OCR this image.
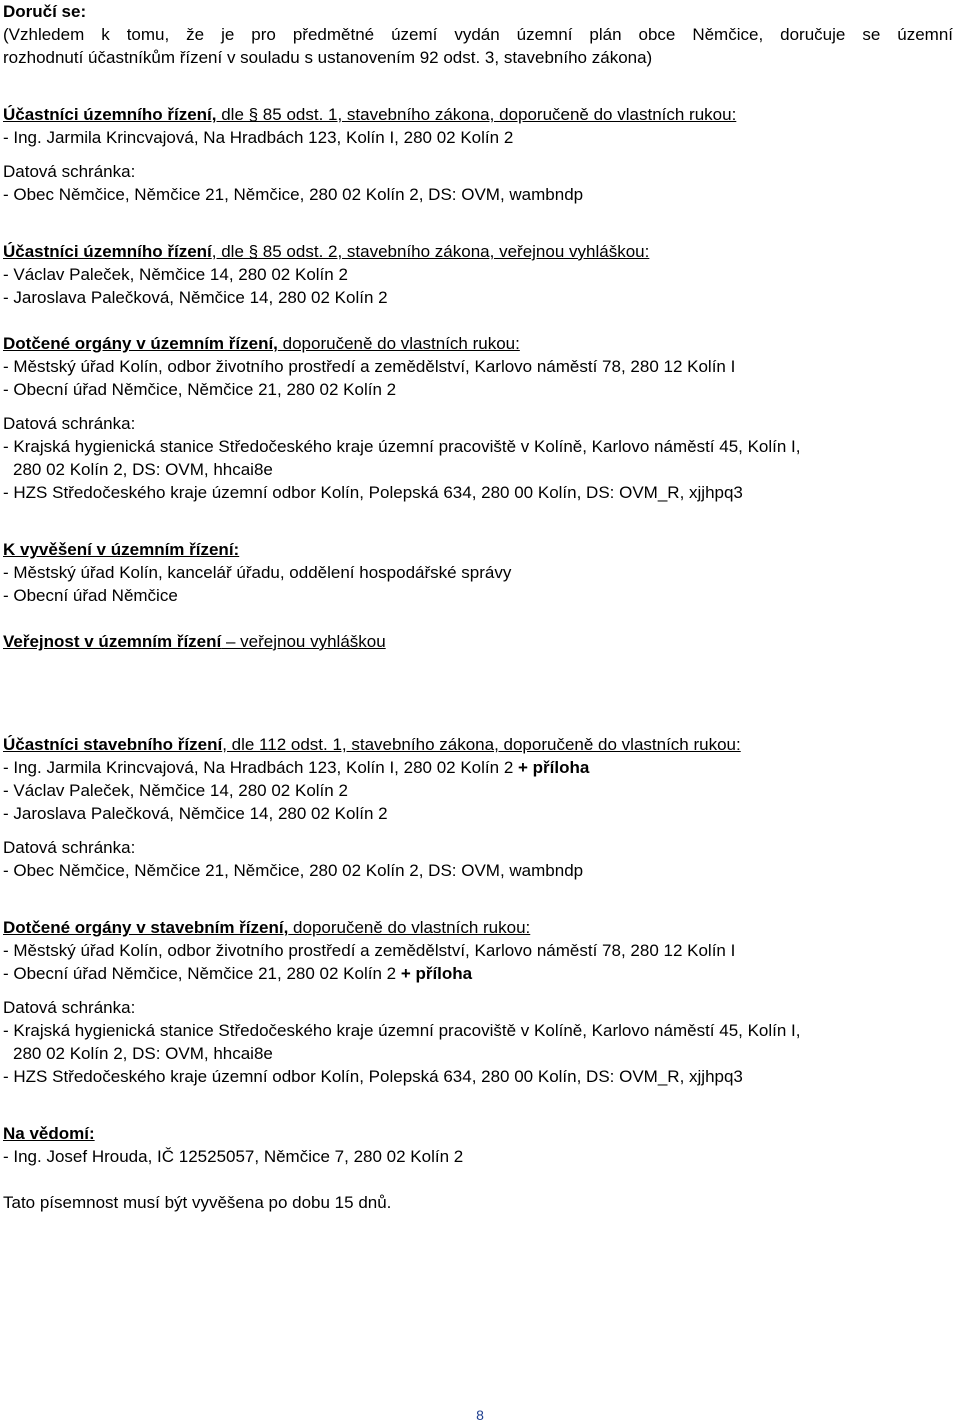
Doručí se:
(Vzhledem k tomu, že je pro předmětné území vydán územní plán obce Němčice, doručuje se územní
rozhodnutí účastníkům řízení v souladu s ustanovením 92 odst. 3, stavebního zákona)
Účastníci územního řízení, dle § 85 odst. 1, stavebního zákona, doporučeně do vlastních rukou:
- Ing. Jarmila Krincvajová, Na Hradbách 123, Kolín I, 280 02 Kolín 2
Datová schránka:
- Obec Němčice, Němčice 21, Němčice, 280 02 Kolín 2, DS: OVM, wambndp
Účastníci územního řízení, dle § 85 odst. 2, stavebního zákona, veřejnou vyhláškou:
- Václav Paleček, Němčice 14, 280 02 Kolín 2
- Jaroslava Palečková, Němčice 14, 280 02 Kolín 2
Dotčené orgány v územním řízení, doporučeně do vlastních rukou:
- Městský úřad Kolín, odbor životního prostředí a zemědělství, Karlovo náměstí 78, 280 12 Kolín I
- Obecní úřad Němčice, Němčice 21, 280 02 Kolín 2
Datová schránka:
- Krajská hygienická stanice Středočeského kraje územní pracoviště v Kolíně, Karlovo náměstí 45, Kolín I,
280 02 Kolín 2, DS: OVM, hhcai8e
- HZS Středočeského kraje územní odbor Kolín, Polepská 634, 280 00 Kolín, DS: OVM_R, xjjhpq3
K vyvěšení v územním řízení:
- Městský úřad Kolín, kancelář úřadu, oddělení hospodářské správy
- Obecní úřad Němčice
Veřejnost v územním řízení – veřejnou vyhláškou
Účastníci stavebního řízení, dle 112 odst. 1, stavebního zákona, doporučeně do vlastních rukou:
- Ing. Jarmila Krincvajová, Na Hradbách 123, Kolín I, 280 02 Kolín 2 + příloha
- Václav Paleček, Němčice 14, 280 02 Kolín 2
- Jaroslava Palečková, Němčice 14, 280 02 Kolín 2
Datová schránka:
- Obec Němčice, Němčice 21, Němčice, 280 02 Kolín 2, DS: OVM, wambndp
Dotčené orgány v stavebním řízení, doporučeně do vlastních rukou:
- Městský úřad Kolín, odbor životního prostředí a zemědělství, Karlovo náměstí 78, 280 12 Kolín I
- Obecní úřad Němčice, Němčice 21, 280 02 Kolín 2 + příloha
Datová schránka:
- Krajská hygienická stanice Středočeského kraje územní pracoviště v Kolíně, Karlovo náměstí 45, Kolín I,
280 02 Kolín 2, DS: OVM, hhcai8e
- HZS Středočeského kraje územní odbor Kolín, Polepská 634, 280 00 Kolín, DS: OVM_R, xjjhpq3
Na vědomí:
- Ing. Josef Hrouda, IČ 12525057, Němčice 7, 280 02 Kolín 2
Tato písemnost musí být vyvěšena po dobu 15 dnů.
8
